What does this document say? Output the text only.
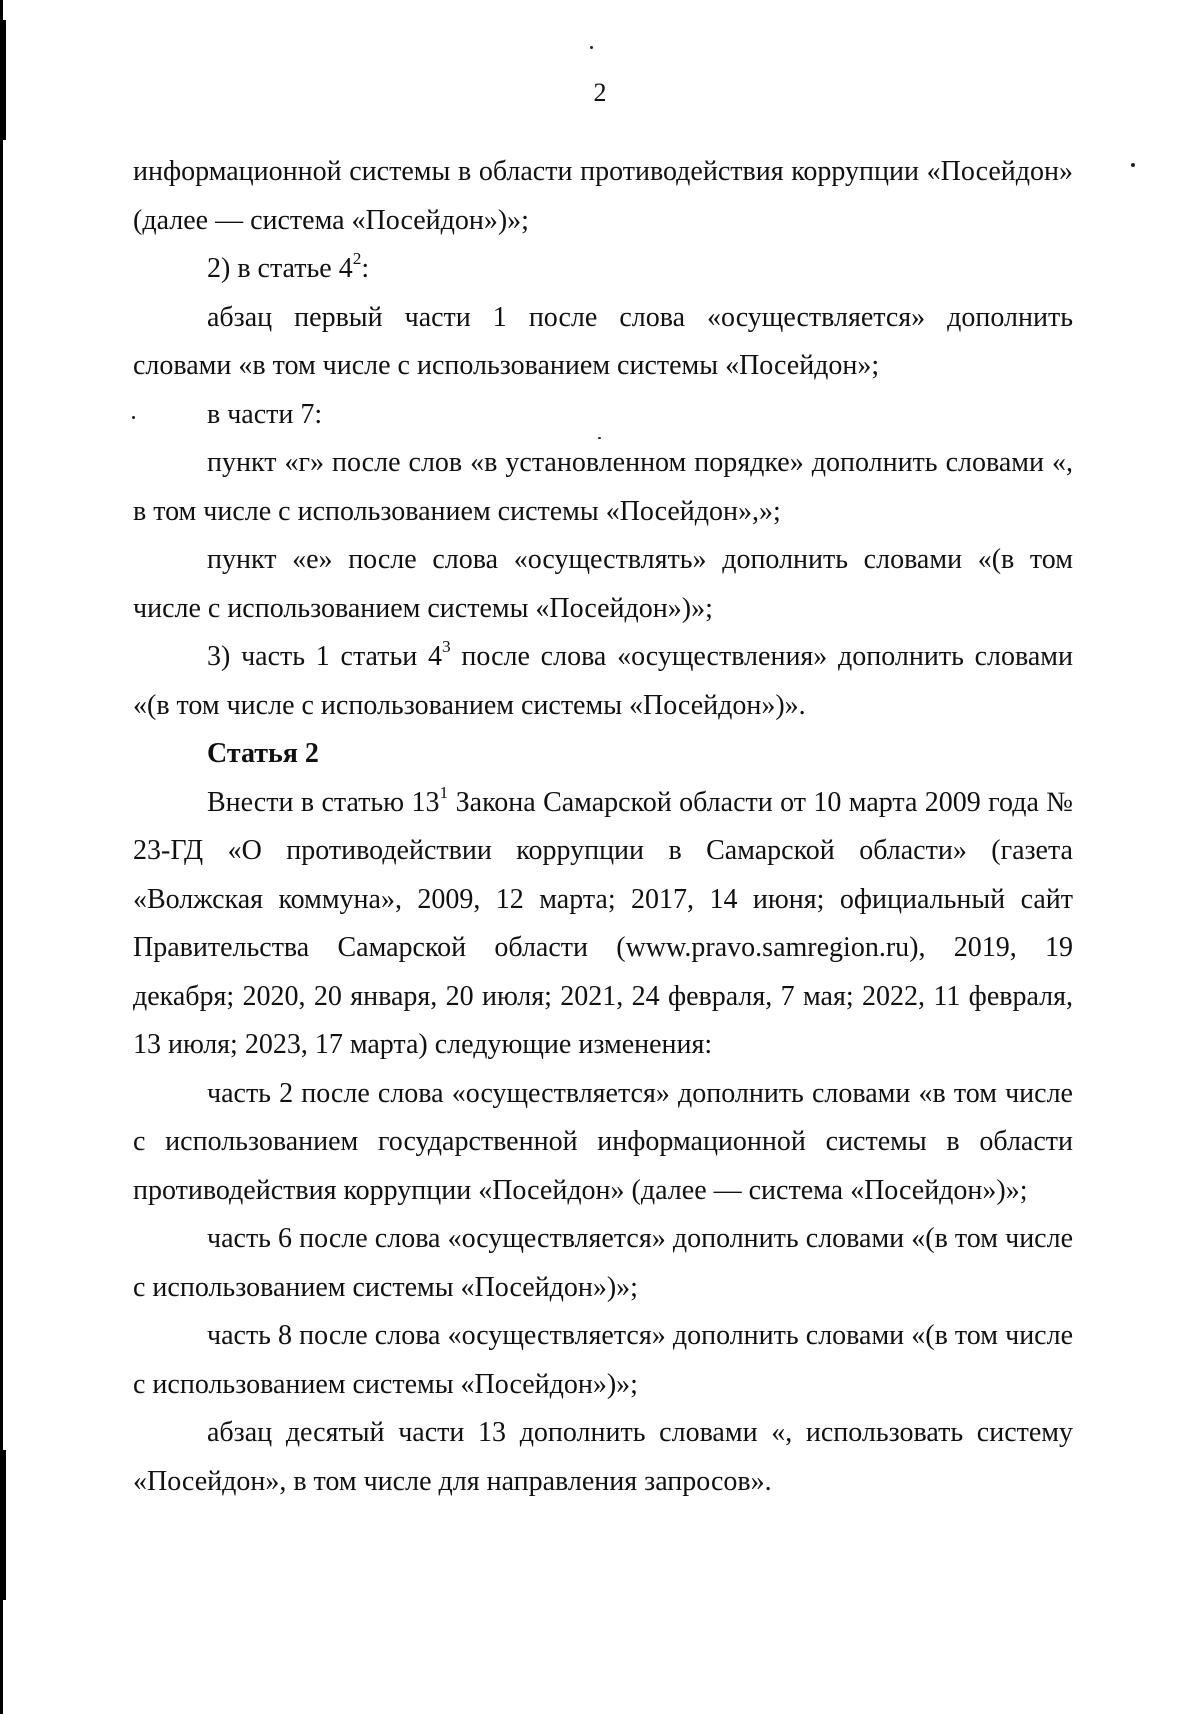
2

информационной системы в области противодействия коррупции «Посейдон» (далее — система «Посейдон»)»;

2) в статье $4^2$:

абзац первый части 1 после слова «осуществляется» дополнить словами «в том числе с использованием системы «Посейдон»;

в части 7:

пункт «г» после слов «в установленном порядке» дополнить словами «, в том числе с использованием системы «Посейдон»,»;

пункт «е» после слова «осуществлять» дополнить словами «(в том числе с использованием системы «Посейдон»)»;

3) часть 1 статьи $4^3$ после слова «осуществления» дополнить словами «(в том числе с использованием системы «Посейдон»)».

Статья 2

Внести в статью $13^1$ Закона Самарской области от 10 марта 2009 года № 23-ГД «О противодействии коррупции в Самарской области» (газета «Волжская коммуна», 2009, 12 марта; 2017, 14 июня; официальный сайт Правительства Самарской области (www.pravo.samregion.ru), 2019, 19 декабря; 2020, 20 января, 20 июля; 2021, 24 февраля, 7 мая; 2022, 11 февраля, 13 июля; 2023, 17 марта) следующие изменения:

часть 2 после слова «осуществляется» дополнить словами «в том числе с использованием государственной информационной системы в области противодействия коррупции «Посейдон» (далее — система «Посейдон»)»;

часть 6 после слова «осуществляется» дополнить словами «(в том числе с использованием системы «Посейдон»)»;

часть 8 после слова «осуществляется» дополнить словами «(в том числе с использованием системы «Посейдон»)»;

абзац десятый части 13 дополнить словами «, использовать систему «Посейдон», в том числе для направления запросов».
